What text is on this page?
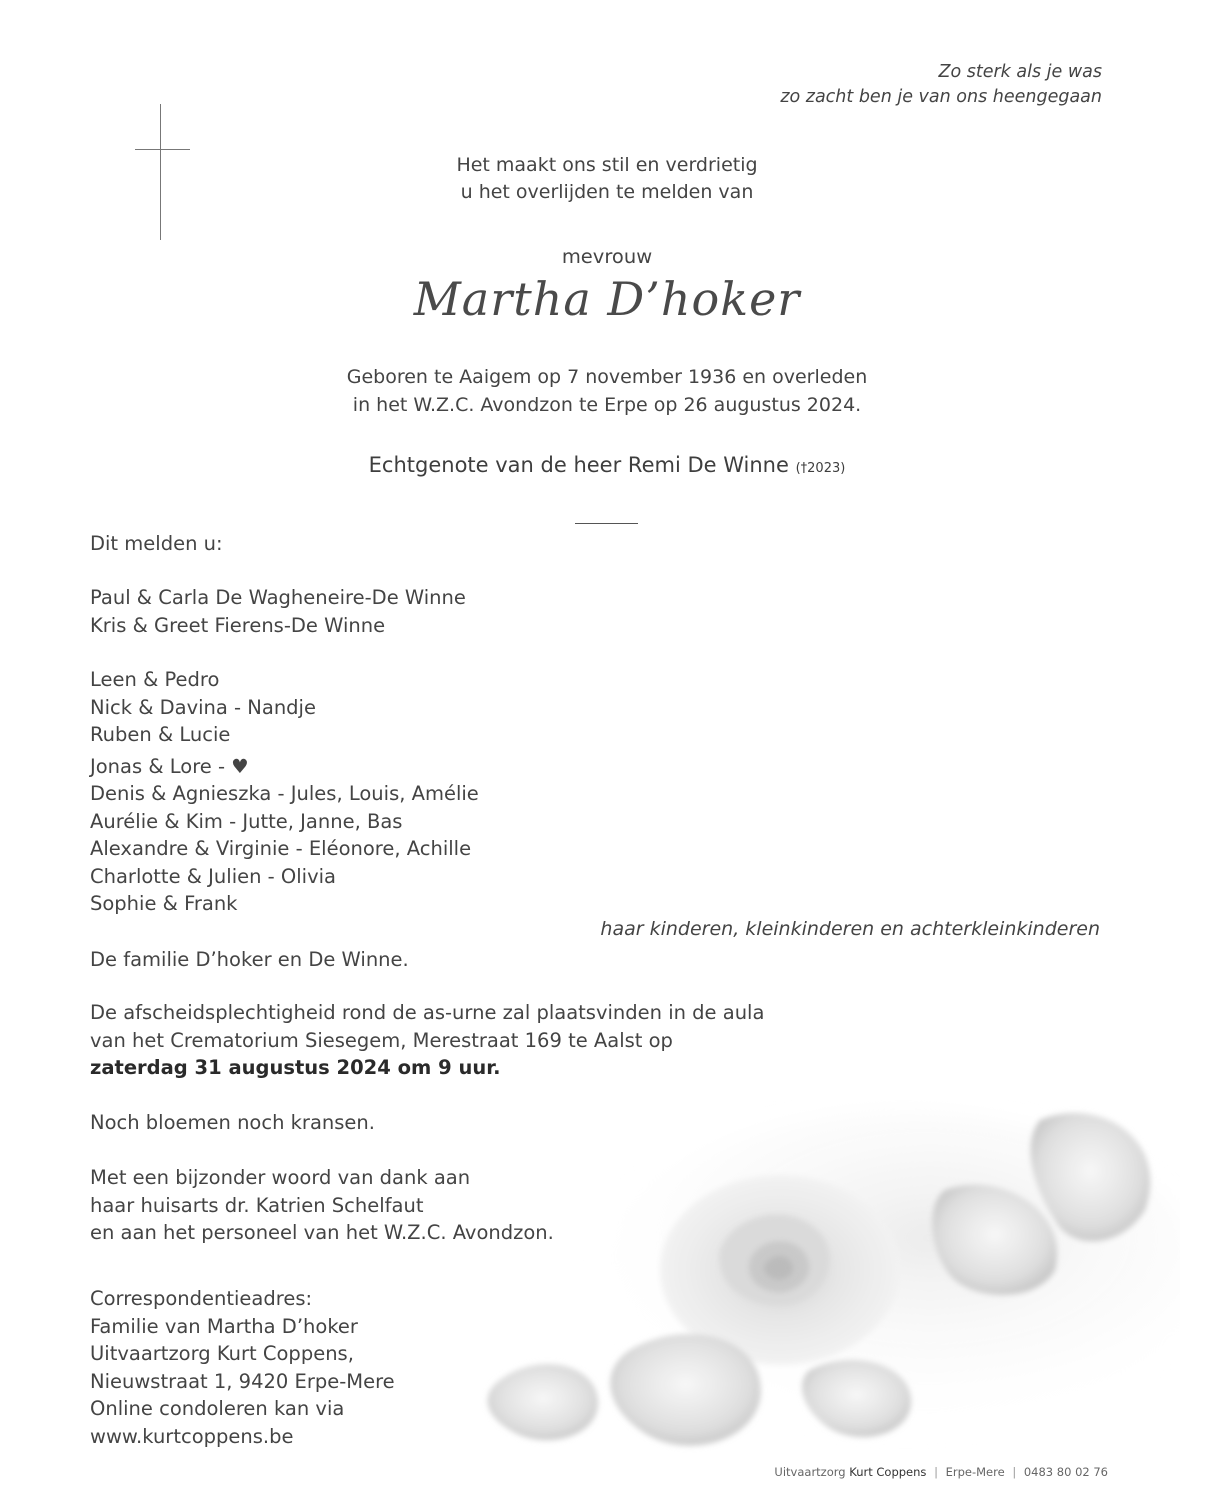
Zo sterk als je was
zo zacht ben je van ons heengegaan
Het maakt ons stil en verdrietig
u het overlijden te melden van
mevrouw
Martha D’hoker
Geboren te Aaigem op 7 november 1936 en overleden
in het W.Z.C. Avondzon te Erpe op 26 augustus 2024.
Echtgenote van de heer Remi De Winne (†2023)
Dit melden u:
Paul & Carla De Wagheneire-De Winne
Kris & Greet Fierens-De Winne
Leen & Pedro
Nick & Davina - Nandje
Ruben & Lucie
Jonas & Lore - ♥
Denis & Agnieszka - Jules, Louis, Amélie
Aurélie & Kim - Jutte, Janne, Bas
Alexandre & Virginie - Eléonore, Achille
Charlotte & Julien - Olivia
Sophie & Frank
haar kinderen, kleinkinderen en achterkleinkinderen
De familie D’hoker en De Winne.
De afscheidsplechtigheid rond de as-urne zal plaatsvinden in de aula
van het Crematorium Siesegem, Merestraat 169 te Aalst op
zaterdag 31 augustus 2024 om 9 uur.
Noch bloemen noch kransen.
Met een bijzonder woord van dank aan
haar huisarts dr. Katrien Schelfaut
en aan het personeel van het W.Z.C. Avondzon.
Correspondentieadres:
Familie van Martha D’hoker
Uitvaartzorg Kurt Coppens,
Nieuwstraat 1, 9420 Erpe-Mere
Online condoleren kan via
www.kurtcoppens.be
Uitvaartzorg Kurt Coppens | Erpe-Mere | 0483 80 02 76
